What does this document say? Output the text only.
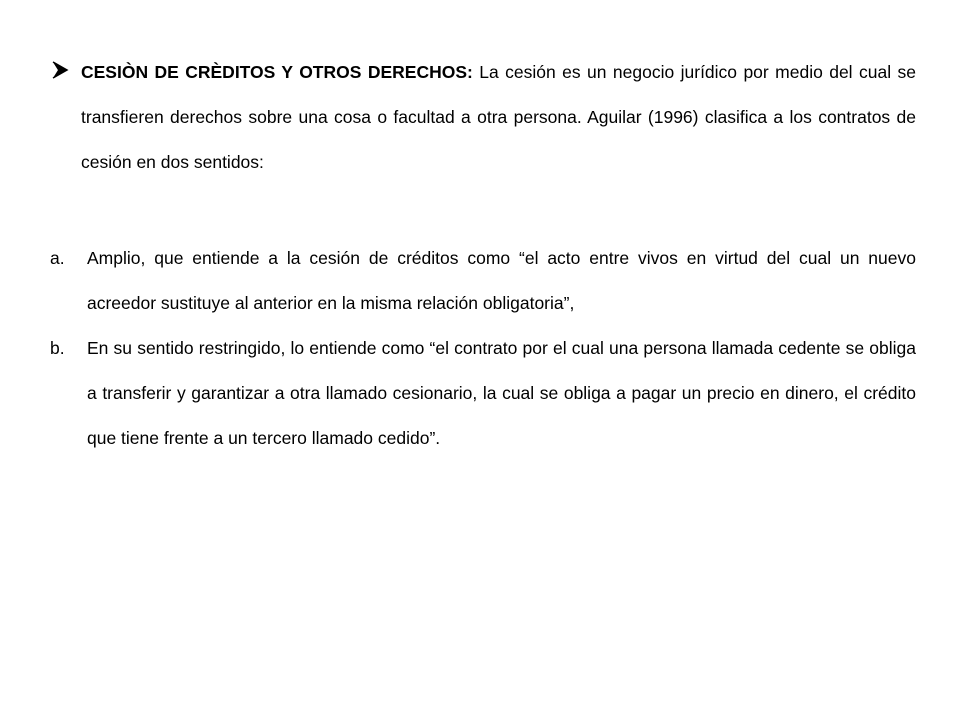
CESIÒN DE CRÈDITOS Y OTROS DERECHOS: La cesión es un negocio jurídico por medio del cual se transfieren derechos sobre una cosa o facultad a otra persona. Aguilar (1996) clasifica a los contratos de cesión en dos sentidos:
a. Amplio, que entiende a la cesión de créditos como “el acto entre vivos en virtud del cual un nuevo acreedor sustituye al anterior en la misma relación obligatoria”,
b. En su sentido restringido, lo entiende como “el contrato por el cual una persona llamada cedente se obliga a transferir y garantizar a otra llamado cesionario, la cual se obliga a pagar un precio en dinero, el crédito que tiene frente a un tercero llamado cedido”.
